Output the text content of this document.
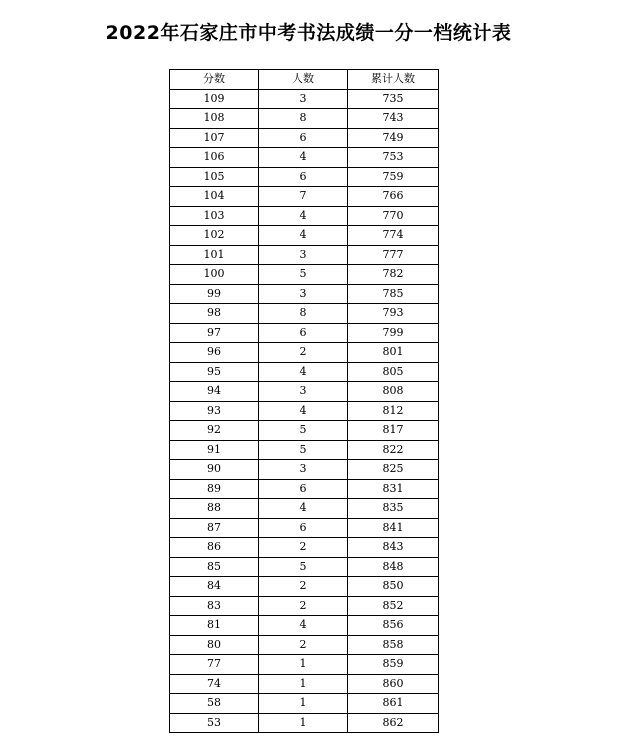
2022年石家庄市中考书法成绩一分一档统计表
分数	人数	累计人数
109	3	735
108	8	743
107	6	749
106	4	753
105	6	759
104	7	766
103	4	770
102	4	774
101	3	777
100	5	782
99	3	785
98	8	793
97	6	799
96	2	801
95	4	805
94	3	808
93	4	812
92	5	817
91	5	822
90	3	825
89	6	831
88	4	835
87	6	841
86	2	843
85	5	848
84	2	850
83	2	852
81	4	856
80	2	858
77	1	859
74	1	860
58	1	861
53	1	862
